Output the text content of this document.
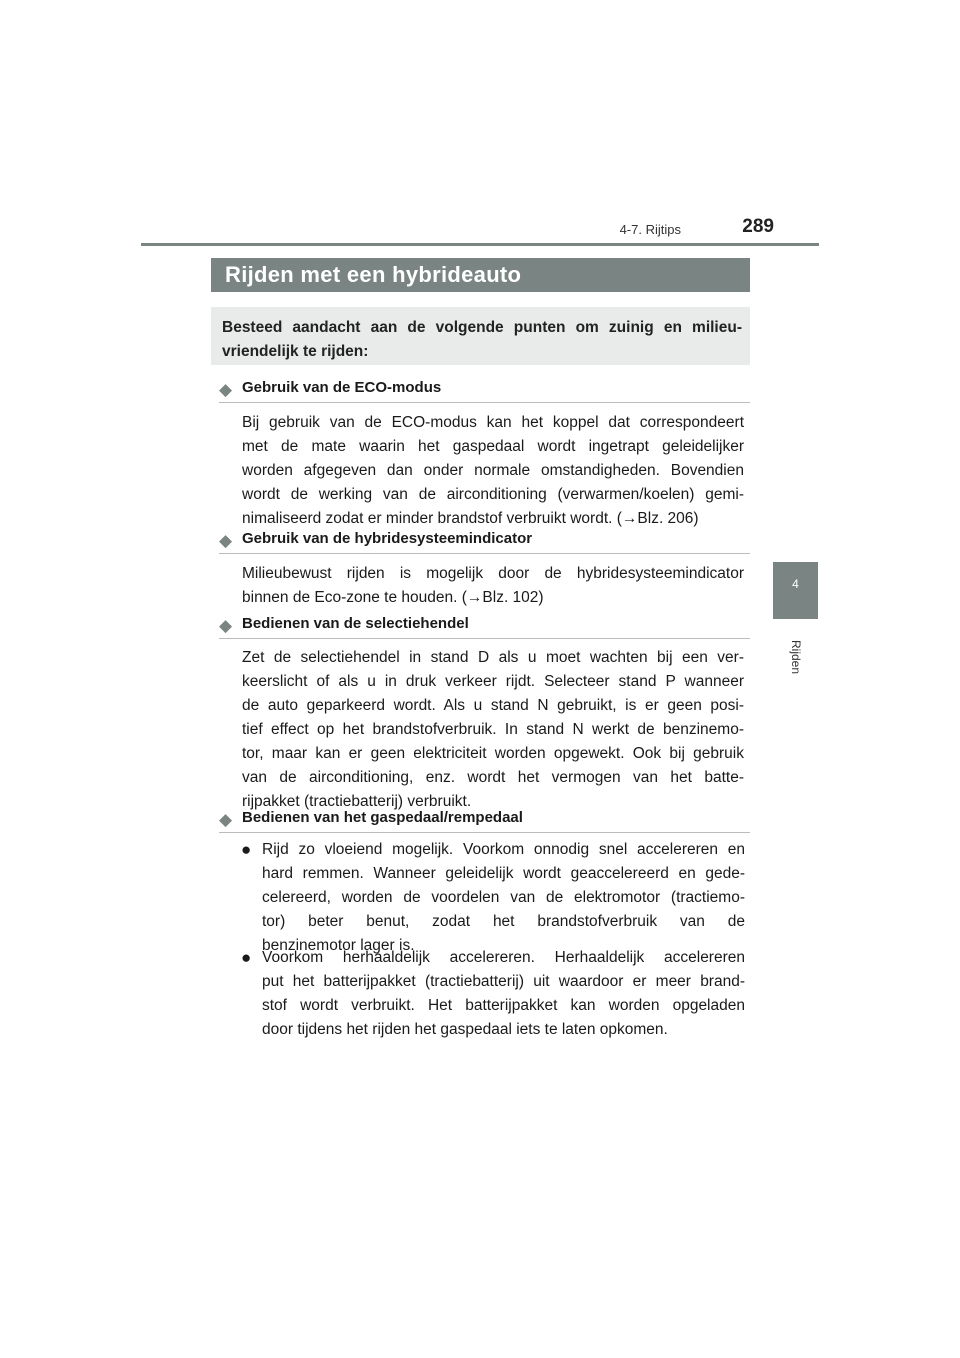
4-7. Rijtips	289
4
Rijden
Rijden met een hybrideauto
Besteed aandacht aan de volgende punten om zuinig en milieu-vriendelijk te rijden:
◆ Gebruik van de ECO-modus
Bij gebruik van de ECO-modus kan het koppel dat correspondeert
met de mate waarin het gaspedaal wordt ingetrapt geleidelijker
worden afgegeven dan onder normale omstandigheden. Bovendien
wordt de werking van de airconditioning (verwarmen/koelen) gemi-
nimaliseerd zodat er minder brandstof verbruikt wordt. (→Blz. 206)
◆ Gebruik van de hybridesysteemindicator
Milieubewust rijden is mogelijk door de hybridesysteemindicator
binnen de Eco-zone te houden. (→Blz. 102)
◆ Bedienen van de selectiehendel
Zet de selectiehendel in stand D als u moet wachten bij een ver-
keerslicht of als u in druk verkeer rijdt. Selecteer stand P wanneer
de auto geparkeerd wordt. Als u stand N gebruikt, is er geen posi-
tief effect op het brandstofverbruik. In stand N werkt de benzinemo-
tor, maar kan er geen elektriciteit worden opgewekt. Ook bij gebruik
van de airconditioning, enz. wordt het vermogen van het batte-
rijpakket (tractiebatterij) verbruikt.
◆ Bedienen van het gaspedaal/rempedaal
● Rijd zo vloeiend mogelijk. Voorkom onnodig snel accelereren en
hard remmen. Wanneer geleidelijk wordt geaccelereerd en gede-
celereerd, worden de voordelen van de elektromotor (tractiemo-
tor) beter benut, zodat het brandstofverbruik van de
benzinemotor lager is.
● Voorkom herhaaldelijk accelereren. Herhaaldelijk accelereren
put het batterijpakket (tractiebatterij) uit waardoor er meer brand-
stof wordt verbruikt. Het batterijpakket kan worden opgeladen
door tijdens het rijden het gaspedaal iets te laten opkomen.
